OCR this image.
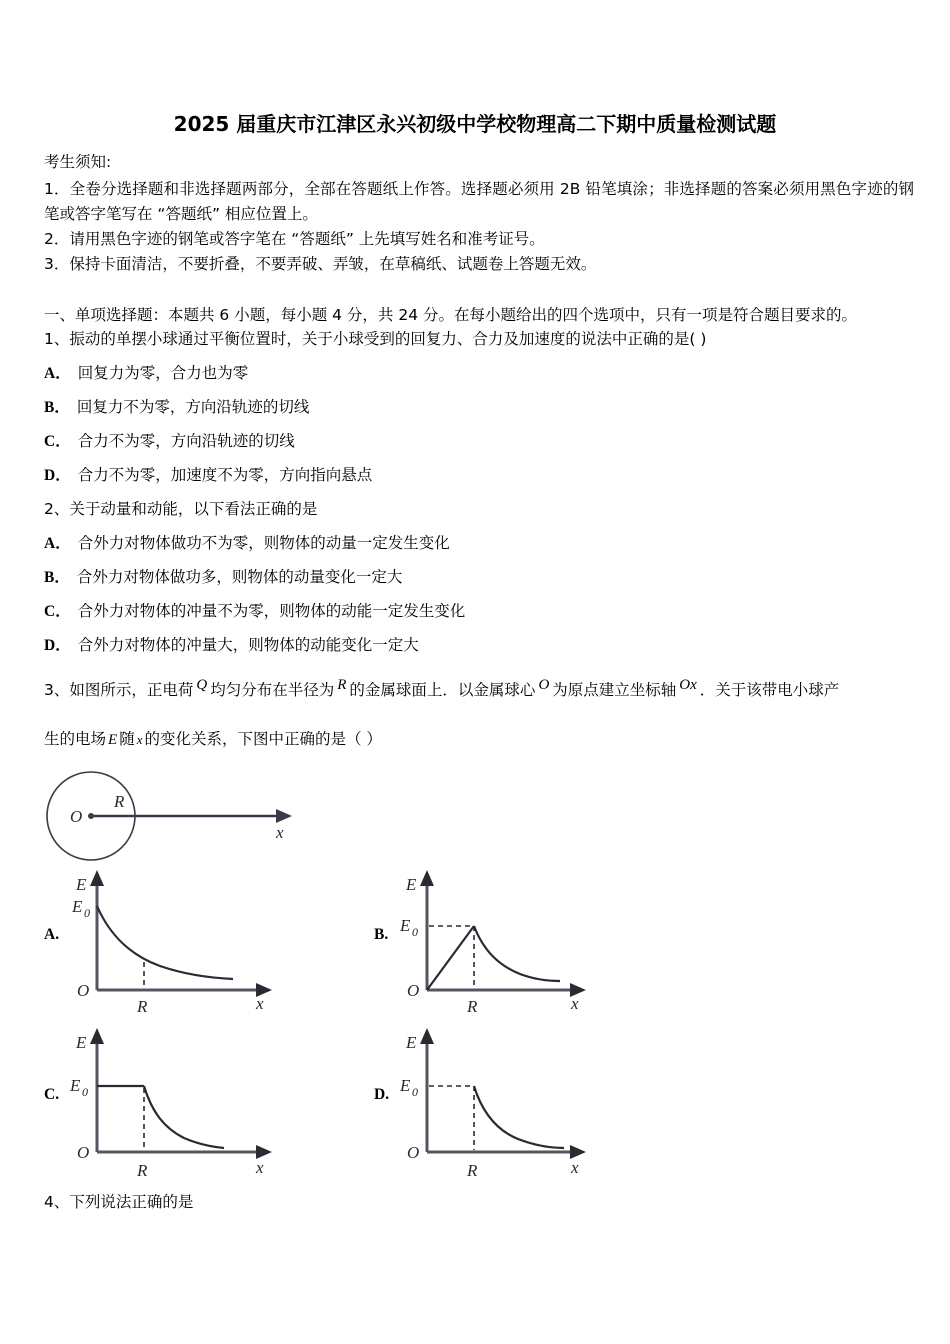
2025 届重庆市江津区永兴初级中学校物理高二下期中质量检测试题
考生须知:
1．全卷分选择题和非选择题两部分，全部在答题纸上作答。选择题必须用 2B 铅笔填涂；非选择题的答案必须用黑色字迹的钢笔或答字笔写在 “答题纸” 相应位置上。
2．请用黑色字迹的钢笔或答字笔在 “答题纸” 上先填写姓名和准考证号。
3．保持卡面清洁，不要折叠，不要弄破、弄皱，在草稿纸、试题卷上答题无效。
一、单项选择题：本题共 6 小题，每小题 4 分，共 24 分。在每小题给出的四个选项中，只有一项是符合题目要求的。
1、振动的单摆小球通过平衡位置时，关于小球受到的回复力、合力及加速度的说法中正确的是( )
A． 回复力为零，合力也为零
B． 回复力不为零，方向沿轨迹的切线
C． 合力不为零，方向沿轨迹的切线
D． 合力不为零，加速度不为零，方向指向悬点
2、关于动量和动能，以下看法正确的是
A． 合外力对物体做功不为零，则物体的动量一定发生变化
B． 合外力对物体做功多，则物体的动量变化一定大
C． 合外力对物体的冲量不为零，则物体的动能一定发生变化
D． 合外力对物体的冲量大，则物体的动能变化一定大
3、如图所示，正电荷 Q 均匀分布在半径为 R 的金属球面上．以金属球心 O 为原点建立坐标轴 Ox ．关于该带电小球产
生的电场 E 随 x 的变化关系，下图中正确的是（ ）
O
R
x
A.
E
E 0
O
R	x
B.
E
E 0
O
R	x
C.
E
E 0
O
R	x
D.
E
E 0
O
R	x
4、下列说法正确的是
